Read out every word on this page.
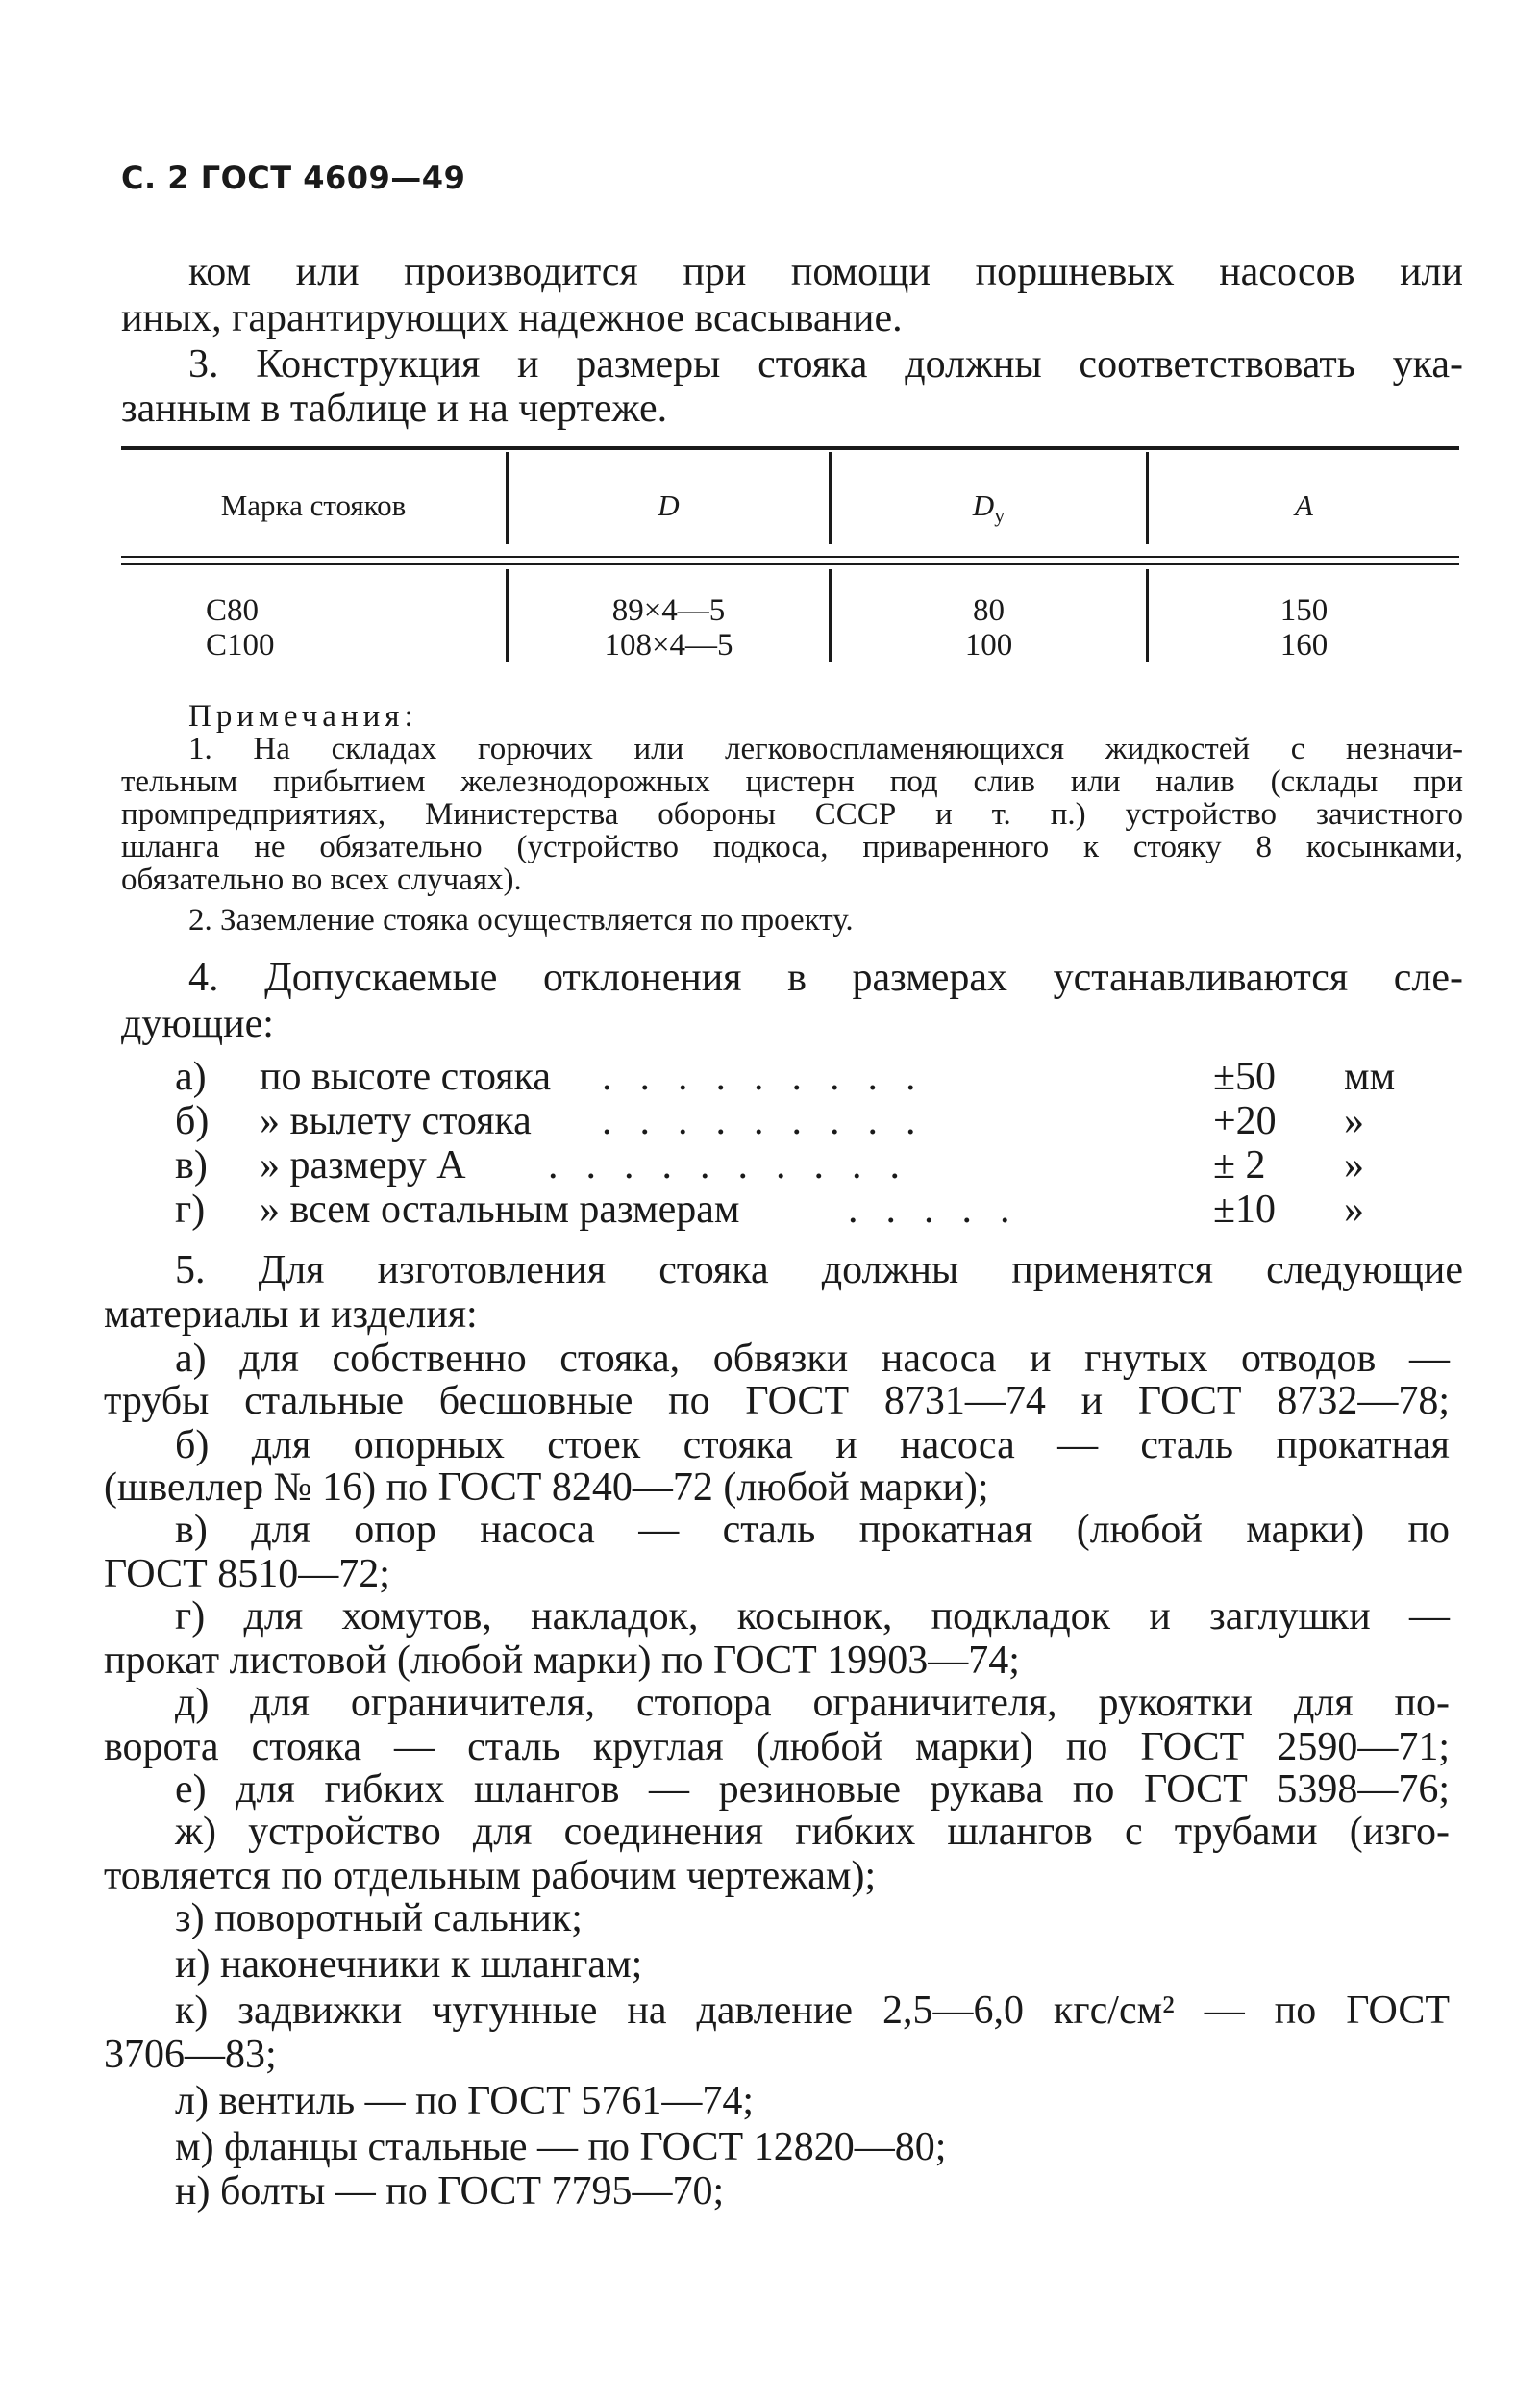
С. 2 ГОСТ 4609—49
ком или производится при помощи поршневых насосов или
иных, гарантирующих надежное всасывание.
3. Конструкция и размеры стояка должны соответствовать ука-
занным в таблице и на чертеже.
Марка стояков	D	$D_у$	A
С80	89×4—5	80	150
С100	108×4—5	100	160
Примечания:
1. На складах горючих или легковоспламеняющихся жидкостей с незначи-
тельным прибытием железнодорожных цистерн под слив или налив (склады при
промпредприятиях, Министерства обороны СССР и т. п.) устройство зачистного
шланга не обязательно (устройство подкоса, приваренного к стояку 8 косынками,
обязательно во всех случаях).
2. Заземление стояка осуществляется по проекту.
4. Допускаемые отклонения в размерах устанавливаются сле-
дующие:
а) по высоте стояка .........	±50 мм
б) » вылету стояка .........	+20 »
в) » размеру А ..........	± 2 »
г) » всем остальным размерам	.....	±10 »
5. Для изготовления стояка должны применятся следующие
материалы и изделия:
а) для собственно стояка, обвязки насоса и гнутых отводов —
трубы стальные бесшовные по ГОСТ 8731—74 и ГОСТ 8732—78;
б) для опорных стоек стояка и насоса — сталь прокатная
(швеллер № 16) по ГОСТ 8240—72 (любой марки);
в) для опор насоса — сталь прокатная (любой марки) по
ГОСТ 8510—72;
г) для хомутов, накладок, косынок, подкладок и заглушки —
прокат листовой (любой марки) по ГОСТ 19903—74;
д) для ограничителя, стопора ограничителя, рукоятки для по-
ворота стояка — сталь круглая (любой марки) по ГОСТ 2590—71;
е) для гибких шлангов — резиновые рукава по ГОСТ 5398—76;
ж) устройство для соединения гибких шлангов с трубами (изго-
товляется по отдельным рабочим чертежам);
з) поворотный сальник;
и) наконечники к шлангам;
к) задвижки чугунные на давление 2,5—6,0 кгс/см² — по ГОСТ
3706—83;
л) вентиль — по ГОСТ 5761—74;
м) фланцы стальные — по ГОСТ 12820—80;
н) болты — по ГОСТ 7795—70;
